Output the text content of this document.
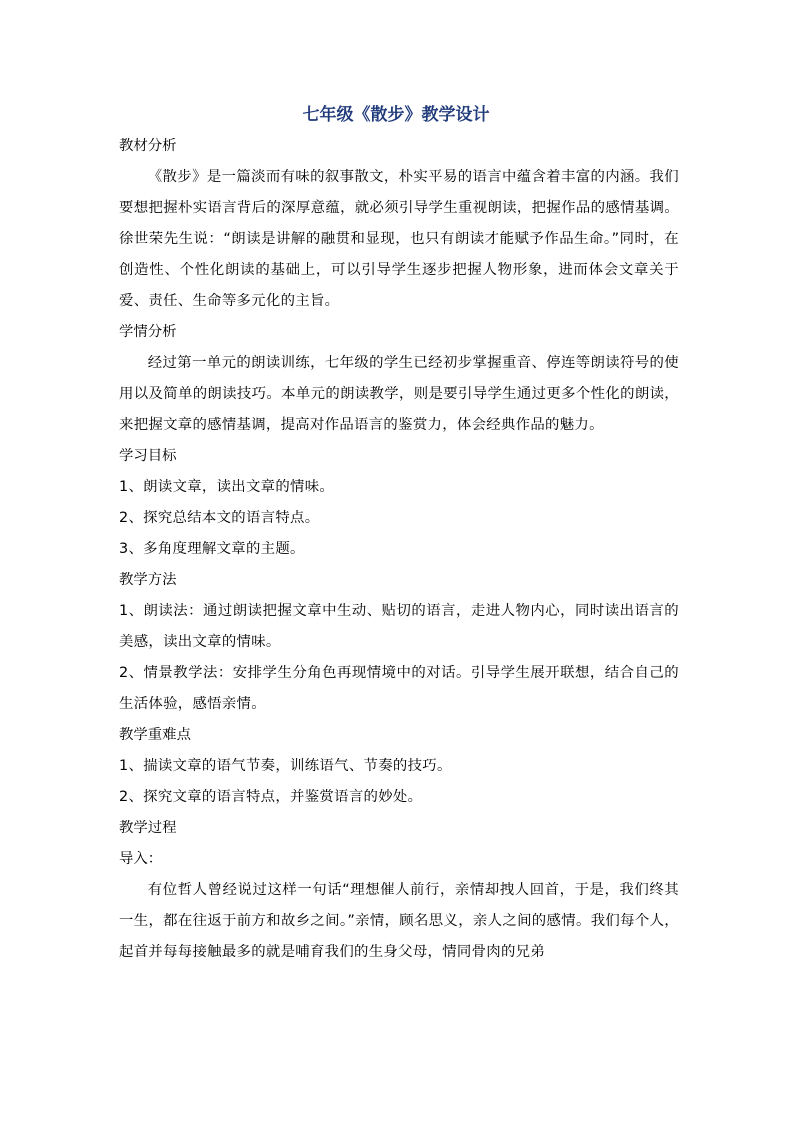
七年级《散步》教学设计

教材分析

《散步》是一篇淡而有味的叙事散文，朴实平易的语言中蕴含着丰富的内涵。我们要想把握朴实语言背后的深厚意蕴，就必须引导学生重视朗读，把握作品的感情基调。徐世荣先生说：“朗读是讲解的融贯和显现，也只有朗读才能赋予作品生命。”同时，在创造性、个性化朗读的基础上，可以引导学生逐步把握人物形象，进而体会文章关于爱、责任、生命等多元化的主旨。

学情分析

经过第一单元的朗读训练，七年级的学生已经初步掌握重音、停连等朗读符号的使用以及简单的朗读技巧。本单元的朗读教学，则是要引导学生通过更多个性化的朗读，来把握文章的感情基调，提高对作品语言的鉴赏力，体会经典作品的魅力。

学习目标

1、朗读文章，读出文章的情味。

2、探究总结本文的语言特点。

3、多角度理解文章的主题。

教学方法

1、朗读法：通过朗读把握文章中生动、贴切的语言，走进人物内心，同时读出语言的美感，读出文章的情味。

2、情景教学法：安排学生分角色再现情境中的对话。引导学生展开联想，结合自己的生活体验，感悟亲情。

教学重难点

1、揣读文章的语气节奏，训练语气、节奏的技巧。

2、探究文章的语言特点，并鉴赏语言的妙处。

教学过程

导入：

有位哲人曾经说过这样一句话“理想催人前行，亲情却拽人回首，于是，我们终其一生，都在往返于前方和故乡之间。”亲情，顾名思义，亲人之间的感情。我们每个人，起首并每每接触最多的就是哺育我们的生身父母，情同骨肉的兄弟
